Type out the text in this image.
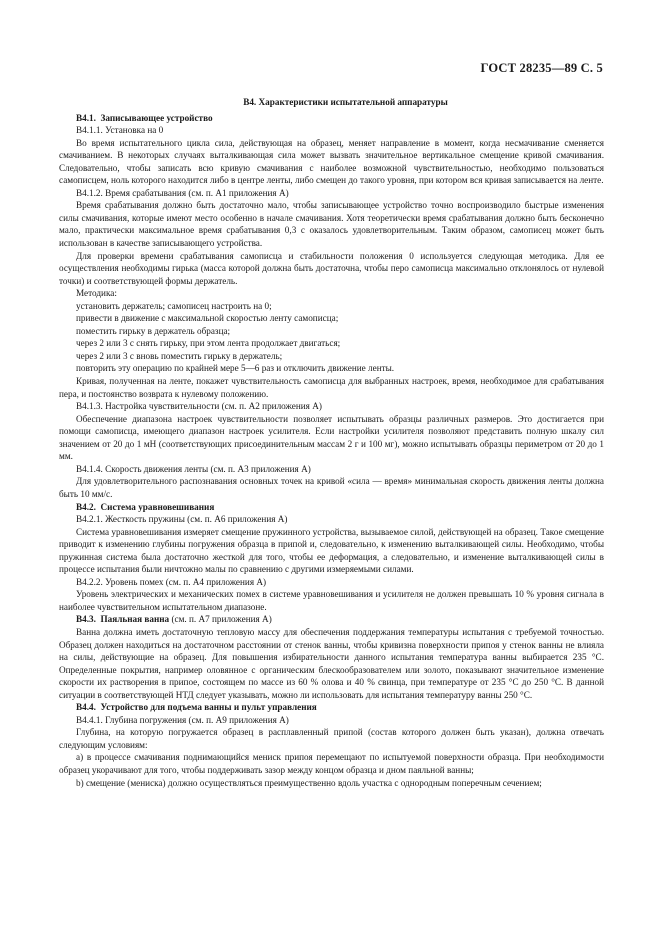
ГОСТ 28235—89 С. 5
В4. Характеристики испытательной аппаратуры

В4.1. Записывающее устройство

В4.1.1. Установка на 0

Во время испытательного цикла сила, действующая на образец, меняет направление в момент, когда несмачивание сменяется смачиванием. В некоторых случаях выталкивающая сила может вызвать значительное вертикальное смещение кривой смачивания. Следовательно, чтобы записать всю кривую смачивания с наиболее возможной чувствительностью, необходимо пользоваться самописцем, ноль которого находится либо в центре ленты, либо смещен до такого уровня, при котором вся кривая записывается на ленте.

В4.1.2. Время срабатывания (см. п. А1 приложения А)

Время срабатывания должно быть достаточно мало, чтобы записывающее устройство точно воспроизводило быстрые изменения силы смачивания, которые имеют место особенно в начале смачивания. Хотя теоретически время срабатывания должно быть бесконечно мало, практически максимальное время срабатывания 0,3 с оказалось удовлетворительным. Таким образом, самописец может быть использован в качестве записывающего устройства.

Для проверки времени срабатывания самописца и стабильности положения 0 используется следующая методика. Для ее осуществления необходимы гирька (масса которой должна быть достаточна, чтобы перо самописца максимально отклонялось от нулевой точки) и соответствующей формы держатель.

Методика:

установить держатель; самописец настроить на 0;

привести в движение с максимальной скоростью ленту самописца;

поместить гирьку в держатель образца;

через 2 или 3 с снять гирьку, при этом лента продолжает двигаться;

через 2 или 3 с вновь поместить гирьку в держатель;

повторить эту операцию по крайней мере 5—6 раз и отключить движение ленты.

Кривая, полученная на ленте, покажет чувствительность самописца для выбранных настроек, время, необходимое для срабатывания пера, и постоянство возврата к нулевому положению.

В4.1.3. Настройка чувствительности (см. п. А2 приложения А)

Обеспечение диапазона настроек чувствительности позволяет испытывать образцы различных размеров. Это достигается при помощи самописца, имеющего диапазон настроек усилителя. Если настройки усилителя позволяют представить полную шкалу сил значением от 20 до 1 мН (соответствующих присоединительным массам 2 г и 100 мг), можно испытывать образцы периметром от 20 до 1 мм.

В4.1.4. Скорость движения ленты (см. п. А3 приложения А)

Для удовлетворительного распознавания основных точек на кривой «сила — время» минимальная скорость движения ленты должна быть 10 мм/с.

В4.2. Система уравновешивания

В4.2.1. Жесткость пружины (см. п. А6 приложения А)

Система уравновешивания измеряет смещение пружинного устройства, вызываемое силой, действующей на образец. Такое смещение приводит к изменению глубины погружения образца в припой и, следовательно, к изменению выталкивающей силы. Необходимо, чтобы пружинная система была достаточно жесткой для того, чтобы ее деформация, а следовательно, и изменение выталкивающей силы в процессе испытания были ничтожно малы по сравнению с другими измеряемыми силами.

В4.2.2. Уровень помех (см. п. А4 приложения А)

Уровень электрических и механических помех в системе уравновешивания и усилителя не должен превышать 10 % уровня сигнала в наиболее чувствительном испытательном диапазоне.

В4.3. Паяльная ванна (см. п. А7 приложения А)

Ванна должна иметь достаточную тепловую массу для обеспечения поддержания температуры испытания с требуемой точностью. Образец должен находиться на достаточном расстоянии от стенок ванны, чтобы кривизна поверхности припоя у стенок ванны не влияла на силы, действующие на образец. Для повышения избирательности данного испытания температура ванны выбирается 235 °С. Определенные покрытия, например оловянное с органическим блескообразователем или золото, показывают значительное изменение скорости их растворения в припое, состоящем по массе из 60 % олова и 40 % свинца, при температуре от 235 °С до 250 °С. В данной ситуации в соответствующей НТД следует указывать, можно ли использовать для испытания температуру ванны 250 °С.

В4.4. Устройство для подъема ванны и пульт управления

В4.4.1. Глубина погружения (см. п. А9 приложения А)

Глубина, на которую погружается образец в расплавленный припой (состав которого должен быть указан), должна отвечать следующим условиям:

а) в процессе смачивания поднимающийся мениск припоя перемещают по испытуемой поверхности образца. При необходимости образец укорачивают для того, чтобы поддерживать зазор между концом образца и дном паяльной ванны;

b) смещение (мениска) должно осуществляться преимущественно вдоль участка с однородным поперечным сечением;
